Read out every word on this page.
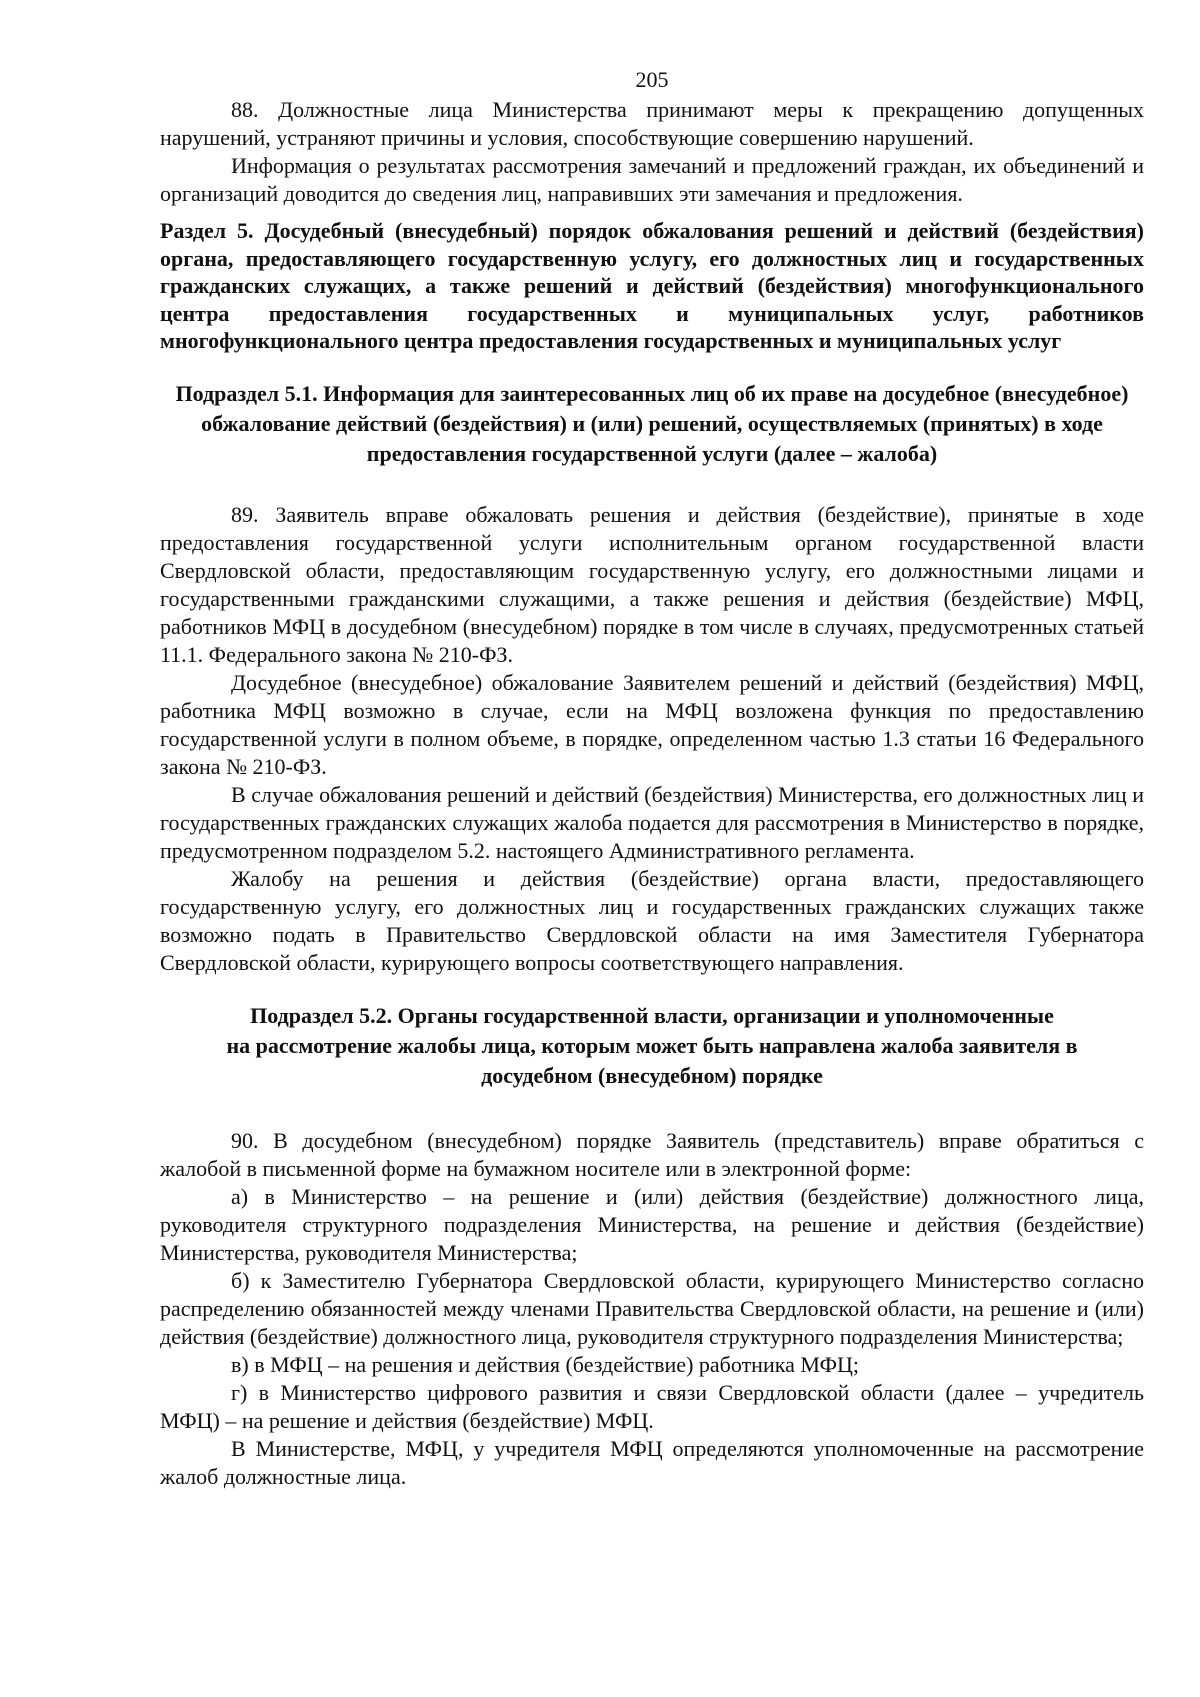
205

88. Должностные лица Министерства принимают меры к прекращению допущенных нарушений, устраняют причины и условия, способствующие совершению нарушений.

Информация о результатах рассмотрения замечаний и предложений граждан, их объединений и организаций доводится до сведения лиц, направивших эти замечания и предложения.

Раздел 5. Досудебный (внесудебный) порядок обжалования решений и действий (бездействия) органа, предоставляющего государственную услугу, его должностных лиц и государственных гражданских служащих, а также решений и действий (бездействия) многофункционального центра предоставления государственных и муниципальных услуг, работников многофункционального центра предоставления государственных и муниципальных услуг
Подраздел 5.1. Информация для заинтересованных лиц об их праве на досудебное (внесудебное) обжалование действий (бездействия) и (или) решений, осуществляемых (принятых) в ходе предоставления государственной услуги (далее – жалоба)

89. Заявитель вправе обжаловать решения и действия (бездействие), принятые в ходе предоставления государственной услуги исполнительным органом государственной власти Свердловской области, предоставляющим государственную услугу, его должностными лицами и государственными гражданскими служащими, а также решения и действия (бездействие) МФЦ, работников МФЦ в досудебном (внесудебном) порядке в том числе в случаях, предусмотренных статьей 11.1. Федерального закона № 210-ФЗ.

Досудебное (внесудебное) обжалование Заявителем решений и действий (бездействия) МФЦ, работника МФЦ возможно в случае, если на МФЦ возложена функция по предоставлению государственной услуги в полном объеме, в порядке, определенном частью 1.3 статьи 16 Федерального закона № 210-ФЗ.

В случае обжалования решений и действий (бездействия) Министерства, его должностных лиц и государственных гражданских служащих жалоба подается для рассмотрения в Министерство в порядке, предусмотренном подразделом 5.2. настоящего Административного регламента.

Жалобу на решения и действия (бездействие) органа власти, предоставляющего государственную услугу, его должностных лиц и государственных гражданских служащих также возможно подать в Правительство Свердловской области на имя Заместителя Губернатора Свердловской области, курирующего вопросы соответствующего направления.

Подраздел 5.2. Органы государственной власти, организации и уполномоченные
на рассмотрение жалобы лица, которым может быть направлена жалоба заявителя в
досудебном (внесудебном) порядке

90. В досудебном (внесудебном) порядке Заявитель (представитель) вправе обратиться с жалобой в письменной форме на бумажном носителе или в электронной форме:

а) в Министерство – на решение и (или) действия (бездействие) должностного лица, руководителя структурного подразделения Министерства, на решение и действия (бездействие) Министерства, руководителя Министерства;

б) к Заместителю Губернатора Свердловской области, курирующего Министерство согласно распределению обязанностей между членами Правительства Свердловской области, на решение и (или) действия (бездействие) должностного лица, руководителя структурного подразделения Министерства;

в) в МФЦ – на решения и действия (бездействие) работника МФЦ;

г) в Министерство цифрового развития и связи Свердловской области (далее – учредитель МФЦ) – на решение и действия (бездействие) МФЦ.

В Министерстве, МФЦ, у учредителя МФЦ определяются уполномоченные на рассмотрение жалоб должностные лица.
